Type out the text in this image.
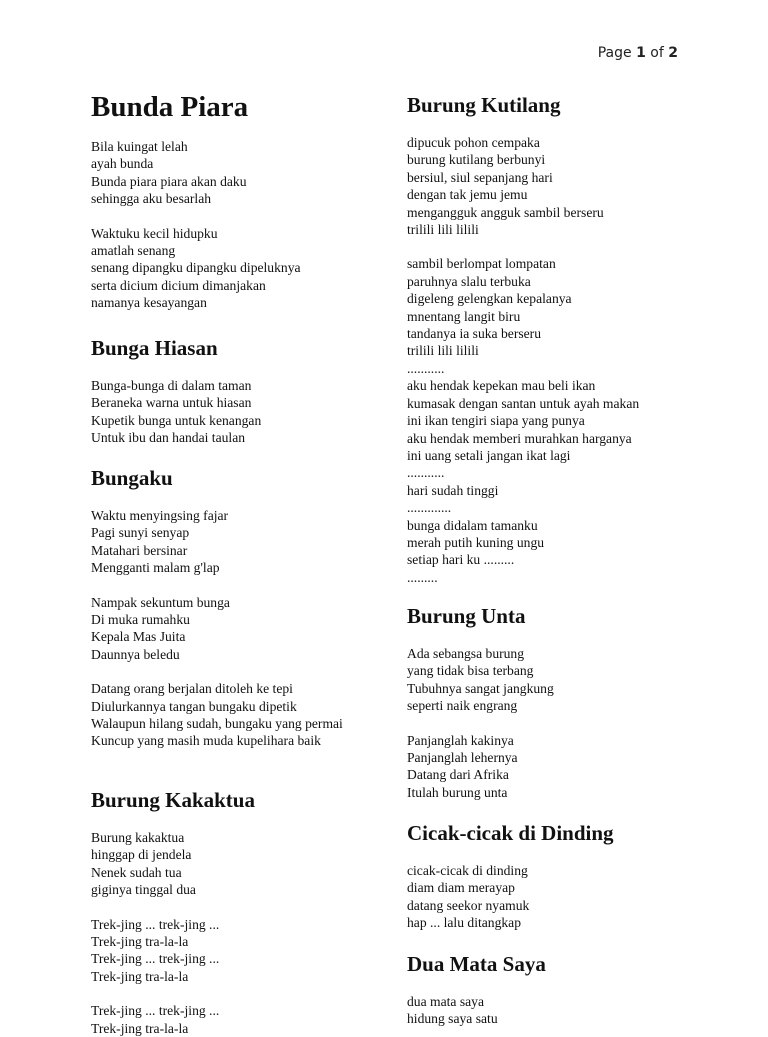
Page 1 of 2
Bunda Piara
Bila kuingat lelah
ayah bunda
Bunda piara piara akan daku
sehingga aku besarlah
Waktuku kecil hidupku
amatlah senang
senang dipangku dipangku dipeluknya
serta dicium dicium dimanjakan
namanya kesayangan
Bunga Hiasan
Bunga-bunga di dalam taman
Beraneka warna untuk hiasan
Kupetik bunga untuk kenangan
Untuk ibu dan handai taulan
Bungaku
Waktu menyingsing fajar
Pagi sunyi senyap
Matahari bersinar
Mengganti malam g'lap
Nampak sekuntum bunga
Di muka rumahku
Kepala Mas Juita
Daunnya beledu
Datang orang berjalan ditoleh ke tepi
Diulurkannya tangan bungaku dipetik
Walaupun hilang sudah, bungaku yang permai Kuncup yang masih muda kupelihara baik
Burung Kakaktua
Burung kakaktua
hinggap di jendela
Nenek sudah tua
giginya tinggal dua
Trek-jing ... trek-jing ...
Trek-jing tra-la-la
Trek-jing ... trek-jing ...
Trek-jing tra-la-la
Trek-jing ... trek-jing ...
Trek-jing tra-la-la
Burung Kutilang
dipucuk pohon cempaka
burung kutilang berbunyi
bersiul, siul sepanjang hari
dengan tak jemu jemu
mengangguk angguk sambil berseru
trilili lili lilili
sambil berlompat lompatan
paruhnya slalu terbuka
digeleng gelengkan kepalanya
mnentang langit biru
tandanya ia suka berseru
trilili lili lilili
...........
aku hendak kepekan mau beli ikan
kumasak dengan santan untuk ayah makan
ini ikan tengiri siapa yang punya
aku hendak memberi murahkan harganya
ini uang setali jangan ikat lagi
...........
hari sudah tinggi
.............
bunga didalam tamanku
merah putih kuning ungu
setiap hari ku .........
.........
Burung Unta
Ada sebangsa burung
yang tidak bisa terbang
Tubuhnya sangat jangkung
seperti naik engrang
Panjanglah kakinya
Panjanglah lehernya
Datang dari Afrika
Itulah burung unta
Cicak-cicak di Dinding
cicak-cicak di dinding
diam diam merayap
datang seekor nyamuk
hap ... lalu ditangkap
Dua Mata Saya
dua mata saya
hidung saya satu
